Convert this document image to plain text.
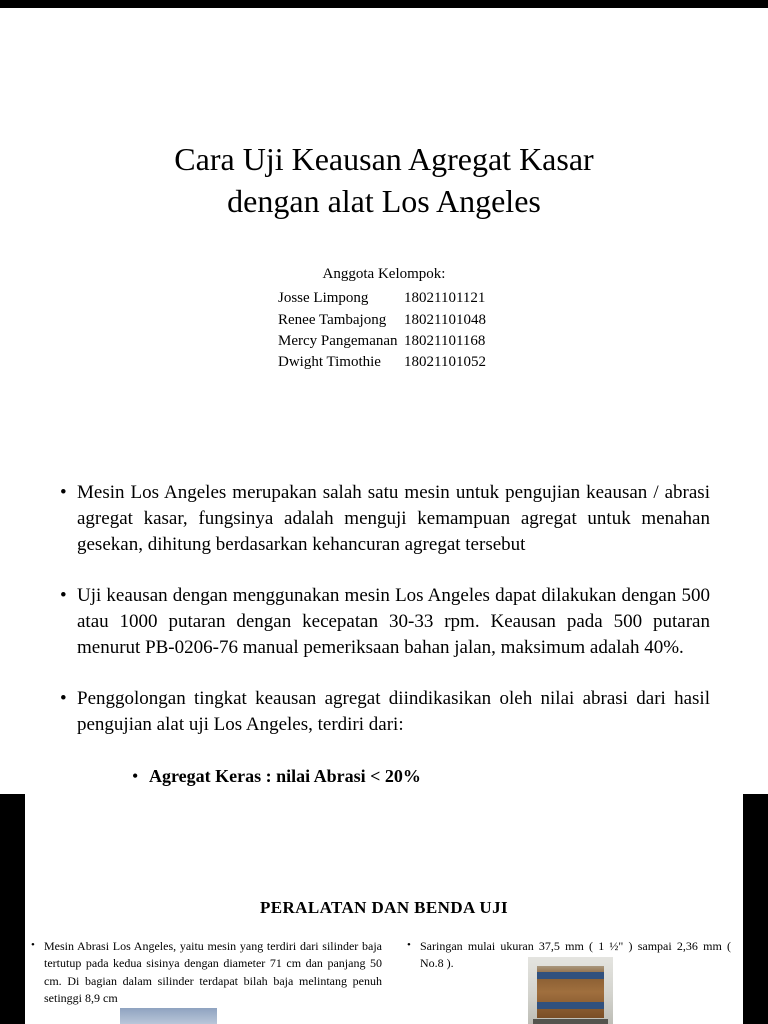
Cara Uji Keausan Agregat Kasar
dengan alat Los Angeles
Anggota Kelompok:
Josse Limpong	18021101121
Renee Tambajong	18021101048
Mercy Pangemanan 18021101168
Dwight Timothie	18021101052
• Mesin Los Angeles merupakan salah satu mesin untuk pengujian keausan / abrasi agregat kasar, fungsinya adalah menguji kemampuan agregat untuk menahan gesekan, dihitung berdasarkan kehancuran agregat tersebut
• Uji keausan dengan menggunakan mesin Los Angeles dapat dilakukan dengan 500 atau 1000 putaran dengan kecepatan 30-33 rpm. Keausan pada 500 putaran menurut PB-0206-76 manual pemeriksaan bahan jalan, maksimum adalah 40%.
• Penggolongan tingkat keausan agregat diindikasikan oleh nilai abrasi dari hasil pengujian alat uji Los Angeles, terdiri dari:
• Agregat Keras : nilai Abrasi < 20%
•
PERALATAN DAN BENDA UJI
• Mesin Abrasi Los Angeles, yaitu mesin yang terdiri dari silinder baja tertutup pada kedua sisinya dengan diameter 71 cm dan panjang 50 cm. Di bagian dalam silinder terdapat bilah baja melintang penuh setinggi 8,9 cm
• Saringan mulai ukuran 37,5 mm ( 1 ½" ) sampai 2,36 mm ( No.8 ).
